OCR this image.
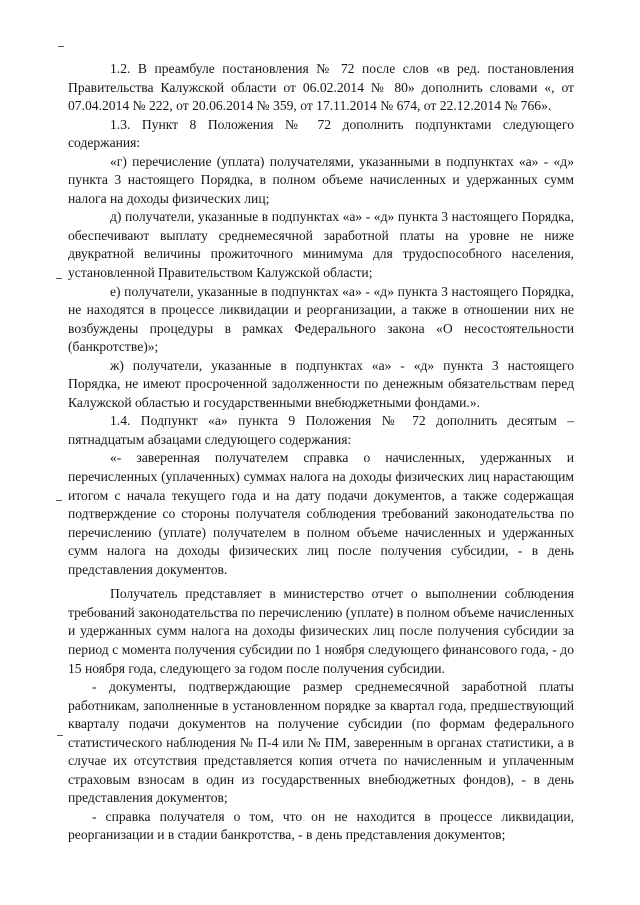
1.2. В преамбуле постановления № 72 после слов «в ред. постановления Правительства Калужской области от 06.02.2014 № 80» дополнить словами «, от 07.04.2014 № 222, от 20.06.2014 № 359, от 17.11.2014 № 674, от 22.12.2014 № 766».

1.3. Пункт 8 Положения № 72 дополнить подпунктами следующего содержания:

«г) перечисление (уплата) получателями, указанными в подпунктах «а» - «д» пункта 3 настоящего Порядка, в полном объеме начисленных и удержанных сумм налога на доходы физических лиц;

д) получатели, указанные в подпунктах «а» - «д» пункта 3 настоящего Порядка, обеспечивают выплату среднемесячной заработной платы на уровне не ниже двукратной величины прожиточного минимума для трудоспособного населения, установленной Правительством Калужской области;

е) получатели, указанные в подпунктах «а» - «д» пункта 3 настоящего Порядка, не находятся в процессе ликвидации и реорганизации, а также в отношении них не возбуждены процедуры в рамках Федерального закона «О несостоятельности (банкротстве)»;

ж) получатели, указанные в подпунктах «а» - «д» пункта 3 настоящего Порядка, не имеют просроченной задолженности по денежным обязательствам перед Калужской областью и государственными внебюджетными фондами.».

1.4. Подпункт «а» пункта 9 Положения № 72 дополнить десятым – пятнадцатым абзацами следующего содержания:

«- заверенная получателем справка о начисленных, удержанных и перечисленных (уплаченных) суммах налога на доходы физических лиц нарастающим итогом с начала текущего года и на дату подачи документов, а также содержащая подтверждение со стороны получателя соблюдения требований законодательства по перечислению (уплате) получателем в полном объеме начисленных и удержанных сумм налога на доходы физических лиц после получения субсидии, - в день представления документов.

Получатель представляет в министерство отчет о выполнении соблюдения требований законодательства по перечислению (уплате) в полном объеме начисленных и удержанных сумм налога на доходы физических лиц после получения субсидии за период с момента получения субсидии по 1 ноября следующего финансового года, - до 15 ноября года, следующего за годом после получения субсидии.

- документы, подтверждающие размер среднемесячной заработной платы работникам, заполненные в установленном порядке за квартал года, предшествующий кварталу подачи документов на получение субсидии (по формам федерального статистического наблюдения № П-4 или № ПМ, заверенным в органах статистики, а в случае их отсутствия представляется копия отчета по начисленным и уплаченным страховым взносам в один из государственных внебюджетных фондов), - в день представления документов;

- справка получателя о том, что он не находится в процессе ликвидации, реорганизации и в стадии банкротства, - в день представления документов;
